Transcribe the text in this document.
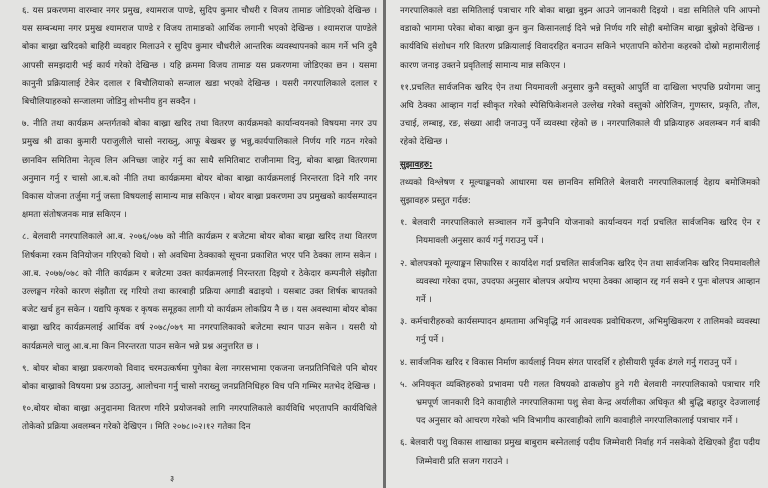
६. यस प्रकरणमा वारम्वार नगर प्रमुख, श्यामराज पाण्डे, सुदिप कुमार चौधरी र विजय तामाङ जोडिएको देखिन्छ । यस सम्बन्धमा नगर प्रमुख श्यामराज पाण्डे र विजय तामाङको आर्थिक लगानी भएको देखिन्छ । श्यामराज पाण्डेले बोका बाख्रा खरिदको बाहिरी व्यवहार मिलाउने र सुदिप कुमार चौधरीले आन्तरिक व्यवस्थापनको काम गर्ने भनि दुवै आपसी समझदारी भई कार्य गरेको देखिन्छ । यहि क्रममा विजय तामाङ यस प्रकरणमा जोडिएका छन । यसमा कानुनी प्रक्रियालाई टेकेर दलाल र बिचौलियाको सन्जाल खडा भएको देखिन्छ । यसरी नगरपालिकाले दलाल र बिचौलियाहरुको सन्जालमा जोडिनु शोभनीय हुन सक्दैन ।

७. नीति तथा कार्यक्रम अन्तर्गतको बोका बाख्रा खरिद तथा वितरण कार्यक्रमको कार्यान्वयनको विषयमा नगर उप प्रमुख श्री ढाका कुमारी पराजुलीले चासो नराख्नु, आफू बेखबर छु भन्नु,कार्यपालिकाले निर्णय गरि गठन गरेको छानविन समितिमा नेतृत्व लिन अनिच्छा जाहेर गर्नु का साथै समितिबाट राजीनामा दिनु, बोका बाख्रा वितरणमा अनुमान गर्नु र चासो आ.ब.को नीति तथा कार्यक्रममा बोयर बोका बाख्रा कार्यक्रमलाई निरन्तरता दिने गरि नगर विकास योजना तर्जुमा गर्नु जस्ता विषयलाई सामान्य मान्न सकिएन । बोयर बाख्रा प्रकरणमा उप प्रमुखको कार्यसम्पादन क्षमता संतोषजनक मान्न सकिएन ।

८. बेलवारी नगरपालिकाले आ.ब. २०७६/०७७ को नीति कार्यक्रम र बजेटमा बोयर बोका बाख्रा खरिद तथा वितरण शिर्षकमा रकम विनियोजन गरिएको थियो । सो अवधिमा ठेक्काको सूचना प्रकाशित भएर पनि ठेक्का लाग्न सकेन । आ.ब. २०७७/०७८ को नीति कार्यक्रम र बजेटमा उक्त कार्यक्रमलाई निरन्तरता दिइयो र ठेकेदार कम्पनीले संझौता उल्लङ्घन गरेको कारण संझौता रद्द गरियो तथा कारबाही प्रक्रिया अगाडी बढाइयो । यसबाट उक्त शिर्षक बापतको बजेट खर्च हुन सकेन । यद्यपि कृषक र कृषक समूहका लागी यो कार्यक्रम लोकप्रिय नै छ । यस अवस्थामा बोयर बोका बाख्रा खरिद कार्यक्रमलाई आर्थिक वर्ष २०७८/०७९ मा नगरपालिकाको बजेटमा स्थान पाउन सकेन । यसरी यो कार्यक्रमले चालु आ.ब.मा किन निरन्तरता पाउन सकेन भन्ने प्रश्न अनुत्तरित छ ।

९. बोयर बोका बाख्रा प्रकरणको विवाद चरमउत्कर्षमा पुगेका बेला नगरसभामा एकजना जनप्रतिनिधिले पनि बोयर बोका बाख्राको विषयमा प्रश्न उठाउनु, आलोचना गर्नु चासो नराख्नु जनप्रतिनिधिहरु विच पनि गम्भिर मतभेद देखिन्छ ।

१०.बोयर बोका बाख्रा अनुदानमा वितरण गरिने प्रयोजनको लागि नगरपालिकाले कार्यविधि भएतापनि कार्यविधिले तोकेको प्रक्रिया अवलम्बन गरेको देखिएन । मिति २०७८।०२।१२ गतेका दिन

३

नगरपालिकाले वडा समितिलाई पत्राचार गरि बोका बाख्रा बुझ्न आउने जानकारी दिइयो । वडा समितिले पनि आफ्नो वडाको भागमा परेका बोका बाख्रा कुन कुन किसानलाई दिने भन्ने निर्णय गरि सोही बमोजिम बाख्रा बुझेको देखिन्छ । कार्यविधि संशोधन गरि वितरण प्रक्रियालाई विवादरहित बनाउन सकिने भएतापनि कोरोना कहरको दोस्रो महामारीलाई कारण जनाइ उक्तने प्रवृतिलाई सामान्य मान्न सकिएन ।

११.प्रचलित सार्वजनिक खरिद ऐन तथा नियमावली अनुसार कुनै वस्तुको आपुर्ति वा दाखिला भएपछि प्रयोगमा जानु अघि ठेक्का आव्हान गर्दा स्वीकृत गरेको स्पेसिफिकेशनले उल्लेख गरेको वस्तुको ओरिजिन, गुणस्तर, प्रकृति, तौल, उचाई, लम्बाइ, रङ, संख्या आदी जनाउनु पर्ने व्यवस्था रहेको छ । नगरपालिकाले यी प्रक्रियाहरु अवलम्बन गर्न बाकी रहेको देखिन्छ ।

सुझावहरु:

तथ्यको विश्लेषण र मूल्याङ्कनको आधारमा यस छानविन समितिले बेलवारी नगरपालिकालाई देहाय बमोजिमको सुझावहरु प्रस्तुत गर्दछ:

१. बेलवारी नगरपालिकाले सञ्चालन गर्ने कुनैपनि योजनाको कार्यान्वयन गर्दा प्रचलित सार्वजनिक खरिद ऐन र नियमावली अनुसार कार्य गर्नु गराउनु पर्ने ।

२. बोलपत्रको मूल्याङ्कन सिफारिस र कार्यादेश गर्दा प्रचलित सार्वजनिक खरिद ऐन तथा सार्वजनिक खरिद नियमावलीले व्यवस्था गरेका दफा, उपदफा अनुसार बोलपत्र अयोग्य भएमा ठेक्का आव्हान रद्द गर्न सक्ने र पुनः बोलपत्र आव्हान गर्ने ।

३. कर्मचारीहरुको कार्यसम्पादन क्षमतामा अभिवृद्धि गर्न आवश्यक प्रवोधिकरण, अभिमुखिकरण र तालिमको व्यवस्था गर्नु पर्ने ।

४. सार्वजनिक खरिद र विकास निर्माण कार्यलाई नियम संगत पारदर्शि र होसीयारी पूर्वक ढंगले गर्नु गराउनु पर्ने ।

५. अनियकृत व्यक्तिहरुको प्रभावमा परी गलत विषयको ढाकछोप हुने गरी बेलवारी नगरपालिकाको पत्राचार गरि भ्रमपूर्ण जानकारी दिने कावाहीले नगरपालिकामा पशु सेवा केन्द्र अर्यालीका अधिकृत श्री बुद्धि बहादुर देउजालाई पद अनुसार को आचरण गरेको भनि विभागीय कारवाहीको लागि कावाहीले नगरपालिकालाई पत्राचार गर्ने ।

६. बेलवारी पशु विकास शाखाका प्रमुख बाबुराम बस्नेतलाई पदीय जिम्मेवारी निर्वाह गर्न नसकेको देखिएको हुँदा पदीय जिम्मेवारी प्रति सजग गराउने ।
